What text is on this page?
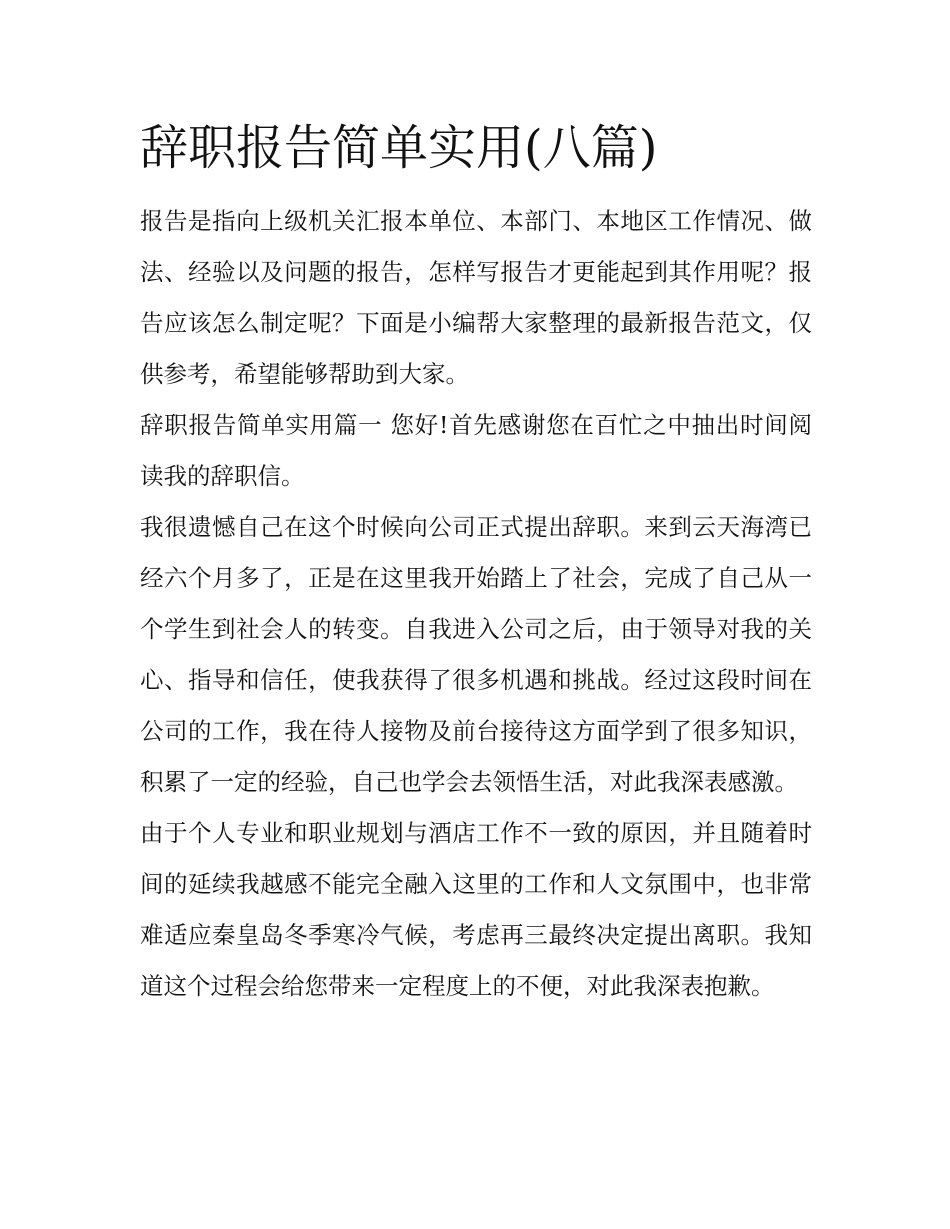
辞职报告简单实用(八篇)

报告是指向上级机关汇报本单位、本部门、本地区工作情况、做法、经验以及问题的报告，怎样写报告才更能起到其作用呢？报告应该怎么制定呢？下面是小编帮大家整理的最新报告范文，仅供参考，希望能够帮助到大家。

辞职报告简单实用篇一 您好!首先感谢您在百忙之中抽出时间阅读我的辞职信。

我很遗憾自己在这个时候向公司正式提出辞职。来到云天海湾已经六个月多了，正是在这里我开始踏上了社会，完成了自己从一个学生到社会人的转变。自我进入公司之后，由于领导对我的关心、指导和信任，使我获得了很多机遇和挑战。经过这段时间在公司的工作，我在待人接物及前台接待这方面学到了很多知识，积累了一定的经验，自己也学会去领悟生活，对此我深表感激。

由于个人专业和职业规划与酒店工作不一致的原因，并且随着时间的延续我越感不能完全融入这里的工作和人文氛围中，也非常难适应秦皇岛冬季寒冷气候，考虑再三最终决定提出离职。我知道这个过程会给您带来一定程度上的不便，对此我深表抱歉。
